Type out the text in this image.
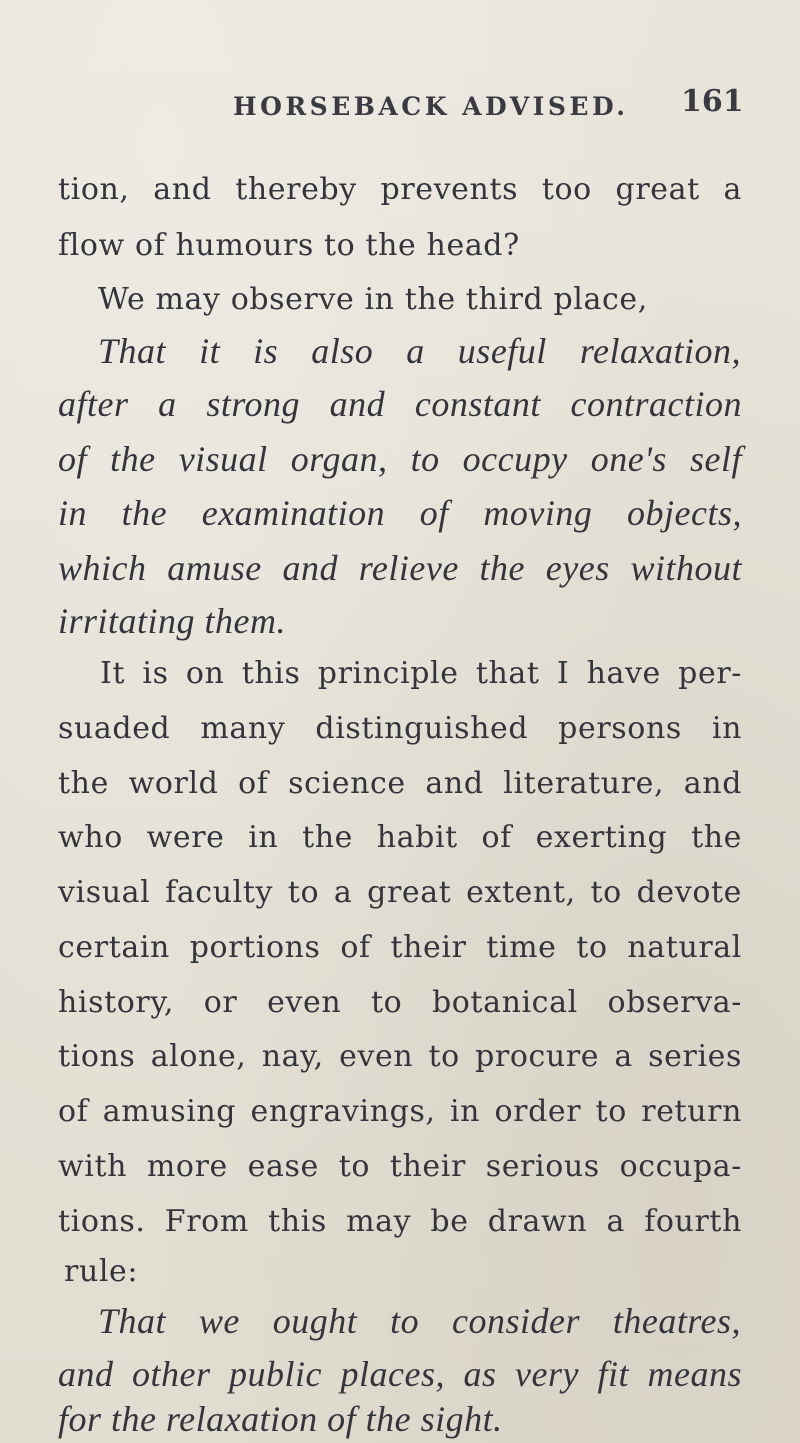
HORSEBACK ADVISED. 161
tion, and thereby prevents too great a
flow of humours to the head?
We may observe in the third place,
That it is also a useful relaxation,
after a strong and constant contraction
of the visual organ, to occupy one's self
in the examination of moving objects,
which amuse and relieve the eyes without
irritating them.
It is on this principle that I have per-
suaded many distinguished persons in
the world of science and literature, and
who were in the habit of exerting the
visual faculty to a great extent, to devote
certain portions of their time to natural
history, or even to botanical observa-
tions alone, nay, even to procure a series
of amusing engravings, in order to return
with more ease to their serious occupa-
tions. From this may be drawn a fourth
rule:
That we ought to consider theatres,
and other public places, as very fit means
for the relaxation of the sight.
